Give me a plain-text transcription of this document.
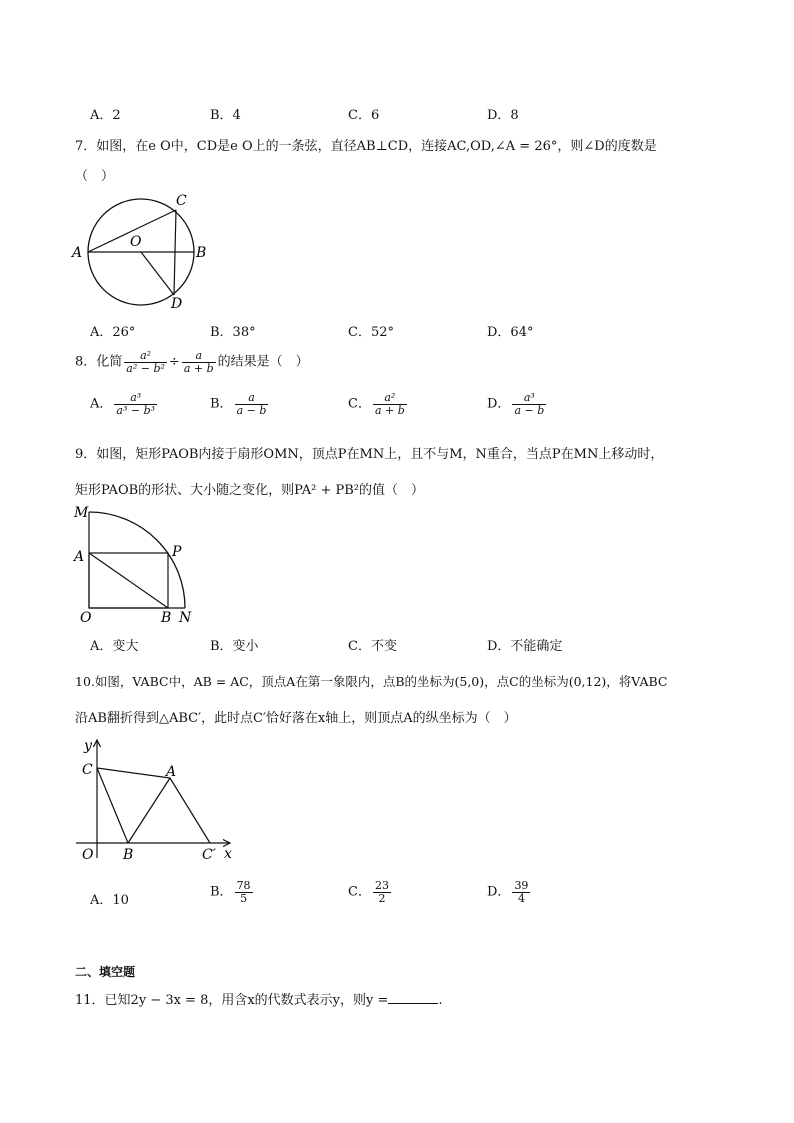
A．2	B．4	C．6	D．8
7．如图，在e O中，CD是e O上的一条弦，直径AB⊥CD，连接AC,OD,∠A = 26°，则∠D的度数是
（　）
A
O
C
B
D
A．26°	B．38°	C．52°	D．64°
8．化简 $\frac{\text{a²}}{\text{a² − b²}} \div \frac{a}{a + b}$ 的结果是（　）
A． $\frac{\text{a³}}{\text{a³ − b³}}$	B． $\frac{a}{a - b}$	C． $\frac{\text{a²}}{a + b}$	D． $\frac{\text{a³}}{a - b}$
9．如图，矩形PAOB内接于扇形OMN，顶点P在MN上，且不与M，N重合，当点P在MN上移动时，
矩形PAOB的形状、大小随之变化，则PA² + PB²的值（　）
M
A	P
O	B N
A．变大	B．变小	C．不变	D．不能确定
10.如图，VABC中，AB = AC，顶点A在第一象限内，点B的坐标为(5,0)，点C的坐标为(0,12)，将VABC
沿AB翻折得到△ABC′，此时点C′恰好落在x轴上，则顶点A的纵坐标为（　）
y
x
C	A
O B	C′
A．10
B． $\frac{78}{5}$	C． $\frac{23}{2}$	D． $\frac{39}{4}$
二、填空题
11．已知2y − 3x = 8，用含x的代数式表示y，则y =	.
